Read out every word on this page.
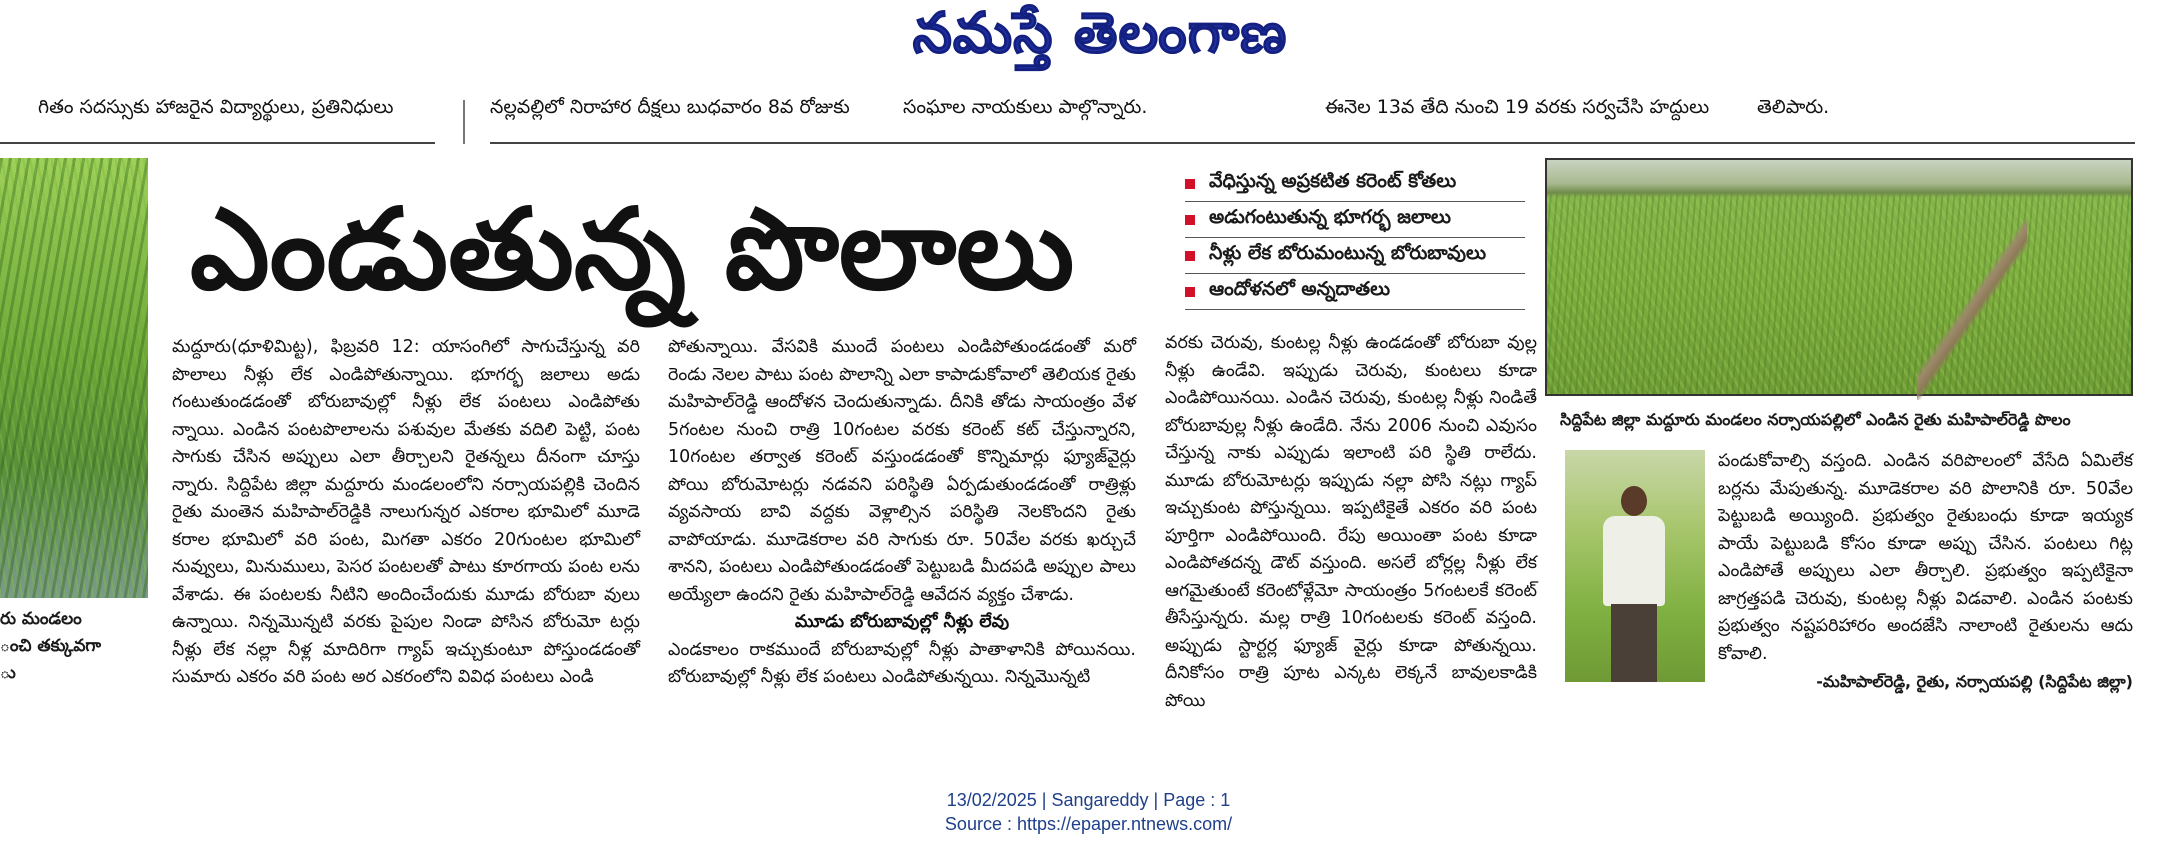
నమస్తే తెలంగాణ
గితం సదస్సుకు హాజరైన విద్యార్థులు, ప్రతినిధులు	నల్లవల్లిలో నిరాహార దీక్షలు బుధవారం 8వ రోజుకు	సంఘాల నాయకులు పాల్గొన్నారు.	ఈనెల 13వ తేది నుంచి 19 వరకు సర్వచేసి హద్దులు	తెలిపారు.
రు మండలం
ంచి తక్కువగా
ు
ఎండుతున్న పొలాలు

మద్దూరు(ధూళిమిట్ట), ఫిబ్రవరి 12: యాసంగిలో సాగుచేస్తున్న వరి పొలాలు నీళ్లు లేక ఎండిపోతున్నాయి. భూగర్భ జలాలు అడు గంటుతుండడంతో బోరుబావుల్లో నీళ్లు లేక పంటలు ఎండిపోతు న్నాయి. ఎండిన పంటపొలాలను పశువుల మేతకు వదిలి పెట్టి, పంట సాగుకు చేసిన అప్పులు ఎలా తీర్చాలని రైతన్నలు దీనంగా చూస్తు న్నారు. సిద్దిపేట జిల్లా మద్దూరు మండలంలోని నర్సాయపల్లికి చెందిన రైతు మంతెన మహిపాల్‌రెడ్డికి నాలుగున్నర ఎకరాల భూమిలో మూడె కరాల భూమిలో వరి పంట, మిగతా ఎకరం 20గుంటల భూమిలో నువ్వులు, మినుములు, పెసర పంటలతో పాటు కూరగాయ పంట లను వేశాడు. ఈ పంటలకు నీటిని అందించేందుకు మూడు బోరుబా వులు ఉన్నాయి. నిన్నమొన్నటి వరకు పైపుల నిండా పోసిన బోరుమో టర్లు నీళ్లు లేక నల్లా నీళ్ల మాదిరిగా గ్యాప్ ఇచ్చుకుంటూ పోస్తుండడంతో సుమారు ఎకరం వరి పంట అర ఎకరంలోని వివిధ పంటలు ఎండి

పోతున్నాయి. వేసవికి ముందే పంటలు ఎండిపోతుండడంతో మరో రెండు నెలల పాటు పంట పొలాన్ని ఎలా కాపాడుకోవాలో తెలియక రైతు మహిపాల్‌రెడ్డి ఆందోళన చెందుతున్నాడు. దీనికి తోడు సాయంత్రం వేళ 5గంటల నుంచి రాత్రి 10గంటల వరకు కరెంట్ కట్ చేస్తున్నారని, 10గంటల తర్వాత కరెంట్ వస్తుండడంతో కొన్నిమార్లు ఫ్యూజ్‌వైర్లు పోయి బోరుమోటర్లు నడవని పరిస్థితి ఏర్పడుతుండడంతో రాత్రిళ్లు వ్యవసాయ బావి వద్దకు వెళ్లాల్సిన పరిస్థితి నెలకొందని రైతు వాపోయాడు. మూడెకరాల వరి సాగుకు రూ. 50వేల వరకు ఖర్చుచే శానని, పంటలు ఎండిపోతుండడంతో పెట్టుబడి మీదపడి అప్పుల పాలు అయ్యేలా ఉందని రైతు మహిపాల్‌రెడ్డి ఆవేదన వ్యక్తం చేశాడు.

మూడు బోరుబావుల్లో నీళ్లు లేవు

ఎండకాలం రాకముందే బోరుబావుల్లో నీళ్లు పాతాళానికి పోయినయి. బోరుబావుల్లో నీళ్లు లేక పంటలు ఎండిపోతున్నయి. నిన్నమొన్నటి

వేధిస్తున్న అప్రకటిత కరెంట్ కోతలు
అడుగంటుతున్న భూగర్భ జలాలు
నీళ్లు లేక బోరుమంటున్న బోరుబావులు
ఆందోళనలో అన్నదాతలు

వరకు చెరువు, కుంటల్ల నీళ్లు ఉండడంతో బోరుబా వుల్ల నీళ్లు ఉండేవి. ఇప్పుడు చెరువు, కుంటలు కూడా ఎండిపోయినయి. ఎండిన చెరువు, కుంటల్ల నీళ్లు నిండితే బోరుబావుల్ల నీళ్లు ఉండేది. నేను 2006 నుంచి ఎవుసం చేస్తున్న నాకు ఎప్పుడు ఇలాంటి పరి స్థితి రాలేదు. మూడు బోరుమోటర్లు ఇప్పుడు నల్లా పోసి నట్లు గ్యాప్ ఇచ్చుకుంట పోస్తున్నయి. ఇప్పటికైతే ఎకరం వరి పంట పూర్తిగా ఎండిపోయింది. రేపు అయింతా పంట కూడా ఎండిపోతదన్న డౌట్ వస్తుంది. అసలే బోర్లల్ల నీళ్లు లేక ఆగమైతుంటే కరెంటోళ్లేమో సాయంత్రం 5గంటలకే కరెంట్ తీసేస్తున్నరు. మల్ల రాత్రి 10గంటలకు కరెంట్ వస్తంది. అప్పుడు స్టార్టర్ల ఫ్యూజ్ వైర్లు కూడా పోతున్నయి. దీనికోసం రాత్రి పూట ఎన్కట లెక్కనే బావులకాడికి పోయి

సిద్దిపేట జిల్లా మద్దూరు మండలం నర్సాయపల్లిలో ఎండిన రైతు మహిపాల్‌రెడ్డి పొలం

పండుకోవాల్సి వస్తంది. ఎండిన వరిపొలంలో వేసేది ఏమిలేక బర్లను మేపుతున్న. మూడెకరాల వరి పొలానికి రూ. 50వేల పెట్టుబడి అయ్యింది. ప్రభుత్వం రైతుబంధు కూడా ఇయ్యక పాయే పెట్టుబడి కోసం కూడా అప్పు చేసిన. పంటలు గిట్ల ఎండిపోతే అప్పులు ఎలా తీర్చాలి. ప్రభుత్వం ఇప్పటికైనా జాగ్రత్తపడి చెరువు, కుంటల్ల నీళ్లు విడవాలి. ఎండిన పంటకు ప్రభుత్వం నష్టపరిహారం అందజేసి నాలాంటి రైతులను ఆదు కోవాలి.

-మహిపాల్‌రెడ్డి, రైతు, నర్సాయపల్లి (సిద్దిపేట జిల్లా)
13/02/2025 | Sangareddy | Page : 1
Source : https://epaper.ntnews.com/
